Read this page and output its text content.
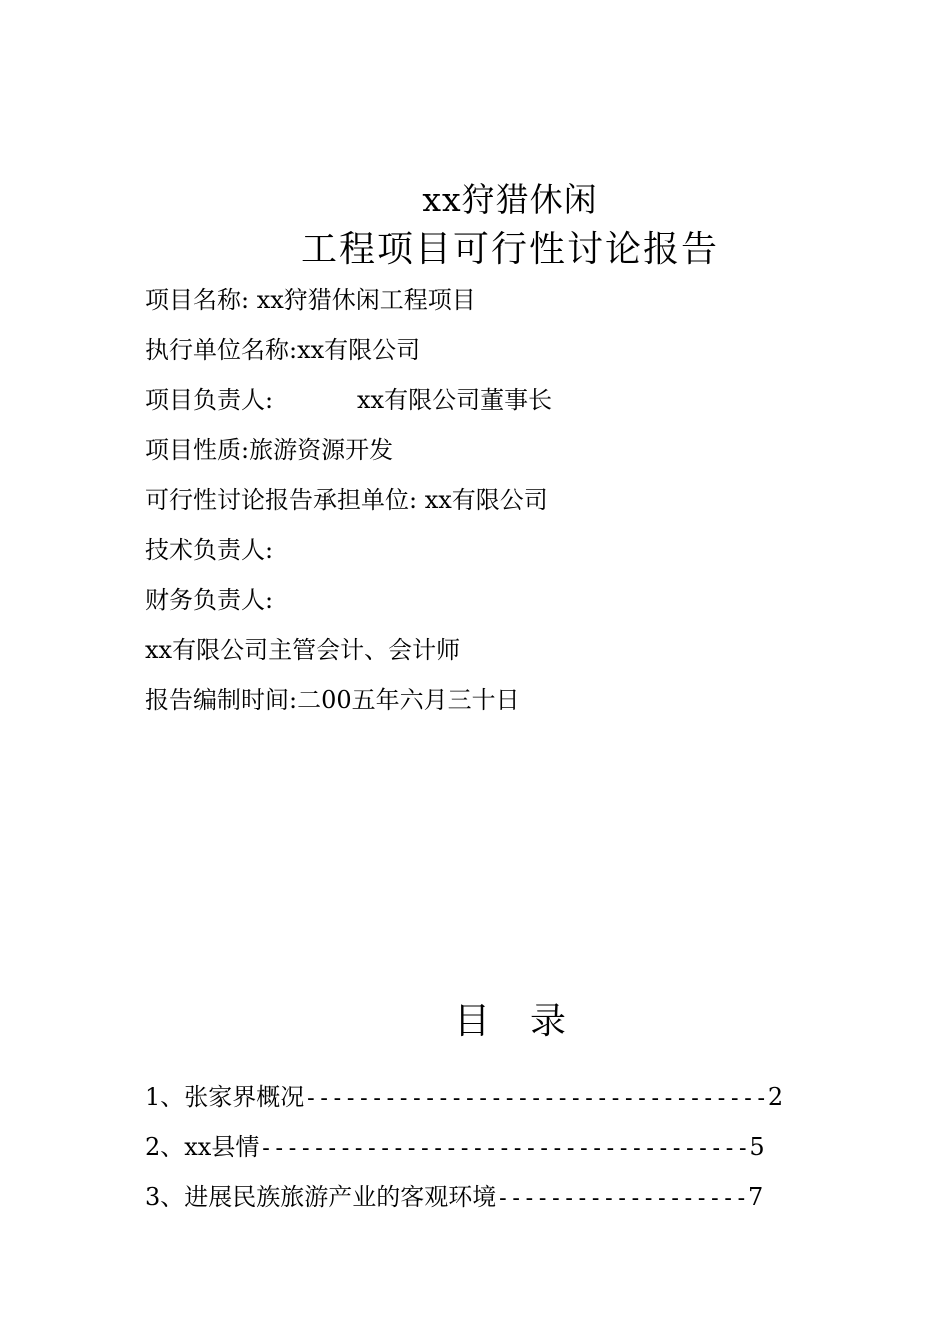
xx狩猎休闲
工程项目可行性讨论报告
项目名称: xx狩猎休闲工程项目
执行单位名称:xx有限公司
项目负责人:           xx有限公司董事长
项目性质:旅游资源开发
可行性讨论报告承担单位: xx有限公司
技术负责人:
财务负责人:
xx有限公司主管会计、会计师
报告编制时间:二00五年六月三十日
目 录
1、张家界概况 ----------------------------------- 2
2、xx县情 ------------------------------------- 5
3、进展民族旅游产业的客观环境 ------------------- 7
